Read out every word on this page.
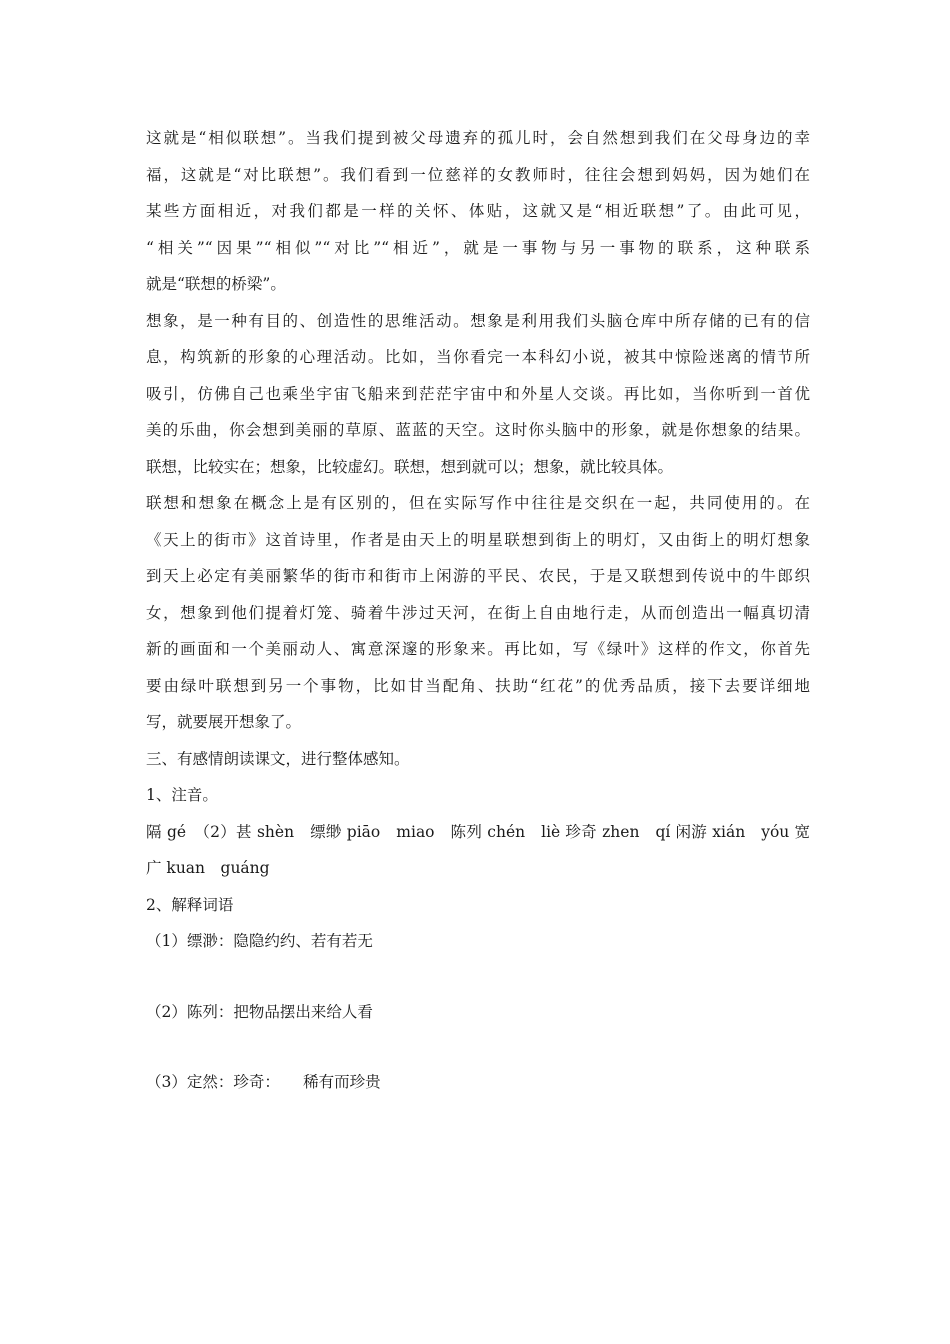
这就是“相似联想”。当我们提到被父母遗弃的孤儿时，会自然想到我们在父母身边的幸
福，这就是“对比联想”。我们看到一位慈祥的女教师时，往往会想到妈妈，因为她们在
某些方面相近，对我们都是一样的关怀、体贴，这就又是“相近联想”了。由此可见，
“相关”“因果”“相似”“对比”“相近”，就是一事物与另一事物的联系，这种联系
就是“联想的桥梁”。
想象，是一种有目的、创造性的思维活动。想象是利用我们头脑仓库中所存储的已有的信
息，构筑新的形象的心理活动。比如，当你看完一本科幻小说，被其中惊险迷离的情节所
吸引，仿佛自己也乘坐宇宙飞船来到茫茫宇宙中和外星人交谈。再比如，当你听到一首优
美的乐曲，你会想到美丽的草原、蓝蓝的天空。这时你头脑中的形象，就是你想象的结果。
联想，比较实在；想象，比较虚幻。联想，想到就可以；想象，就比较具体。
联想和想象在概念上是有区别的，但在实际写作中往往是交织在一起，共同使用的。在
《天上的街市》这首诗里，作者是由天上的明星联想到街上的明灯，又由街上的明灯想象
到天上必定有美丽繁华的街市和街市上闲游的平民、农民，于是又联想到传说中的牛郎织
女，想象到他们提着灯笼、骑着牛涉过天河，在街上自由地行走，从而创造出一幅真切清
新的画面和一个美丽动人、寓意深邃的形象来。再比如，写《绿叶》这样的作文，你首先
要由绿叶联想到另一个事物，比如甘当配角、扶助“红花”的优秀品质，接下去要详细地
写，就要展开想象了。
三、有感情朗读课文，进行整体感知。
1、注音。
隔 gé　（2）甚 shèn　缥缈 piāo　miao　陈列 chén　liè 珍奇 zhen　qí 闲游 xián　yóu 宽
广 kuan　guáng
2、解释词语
（1）缥渺：隐隐约约、若有若无
（2）陈列：把物品摆出来给人看
（3）定然：珍奇：　　稀有而珍贵
